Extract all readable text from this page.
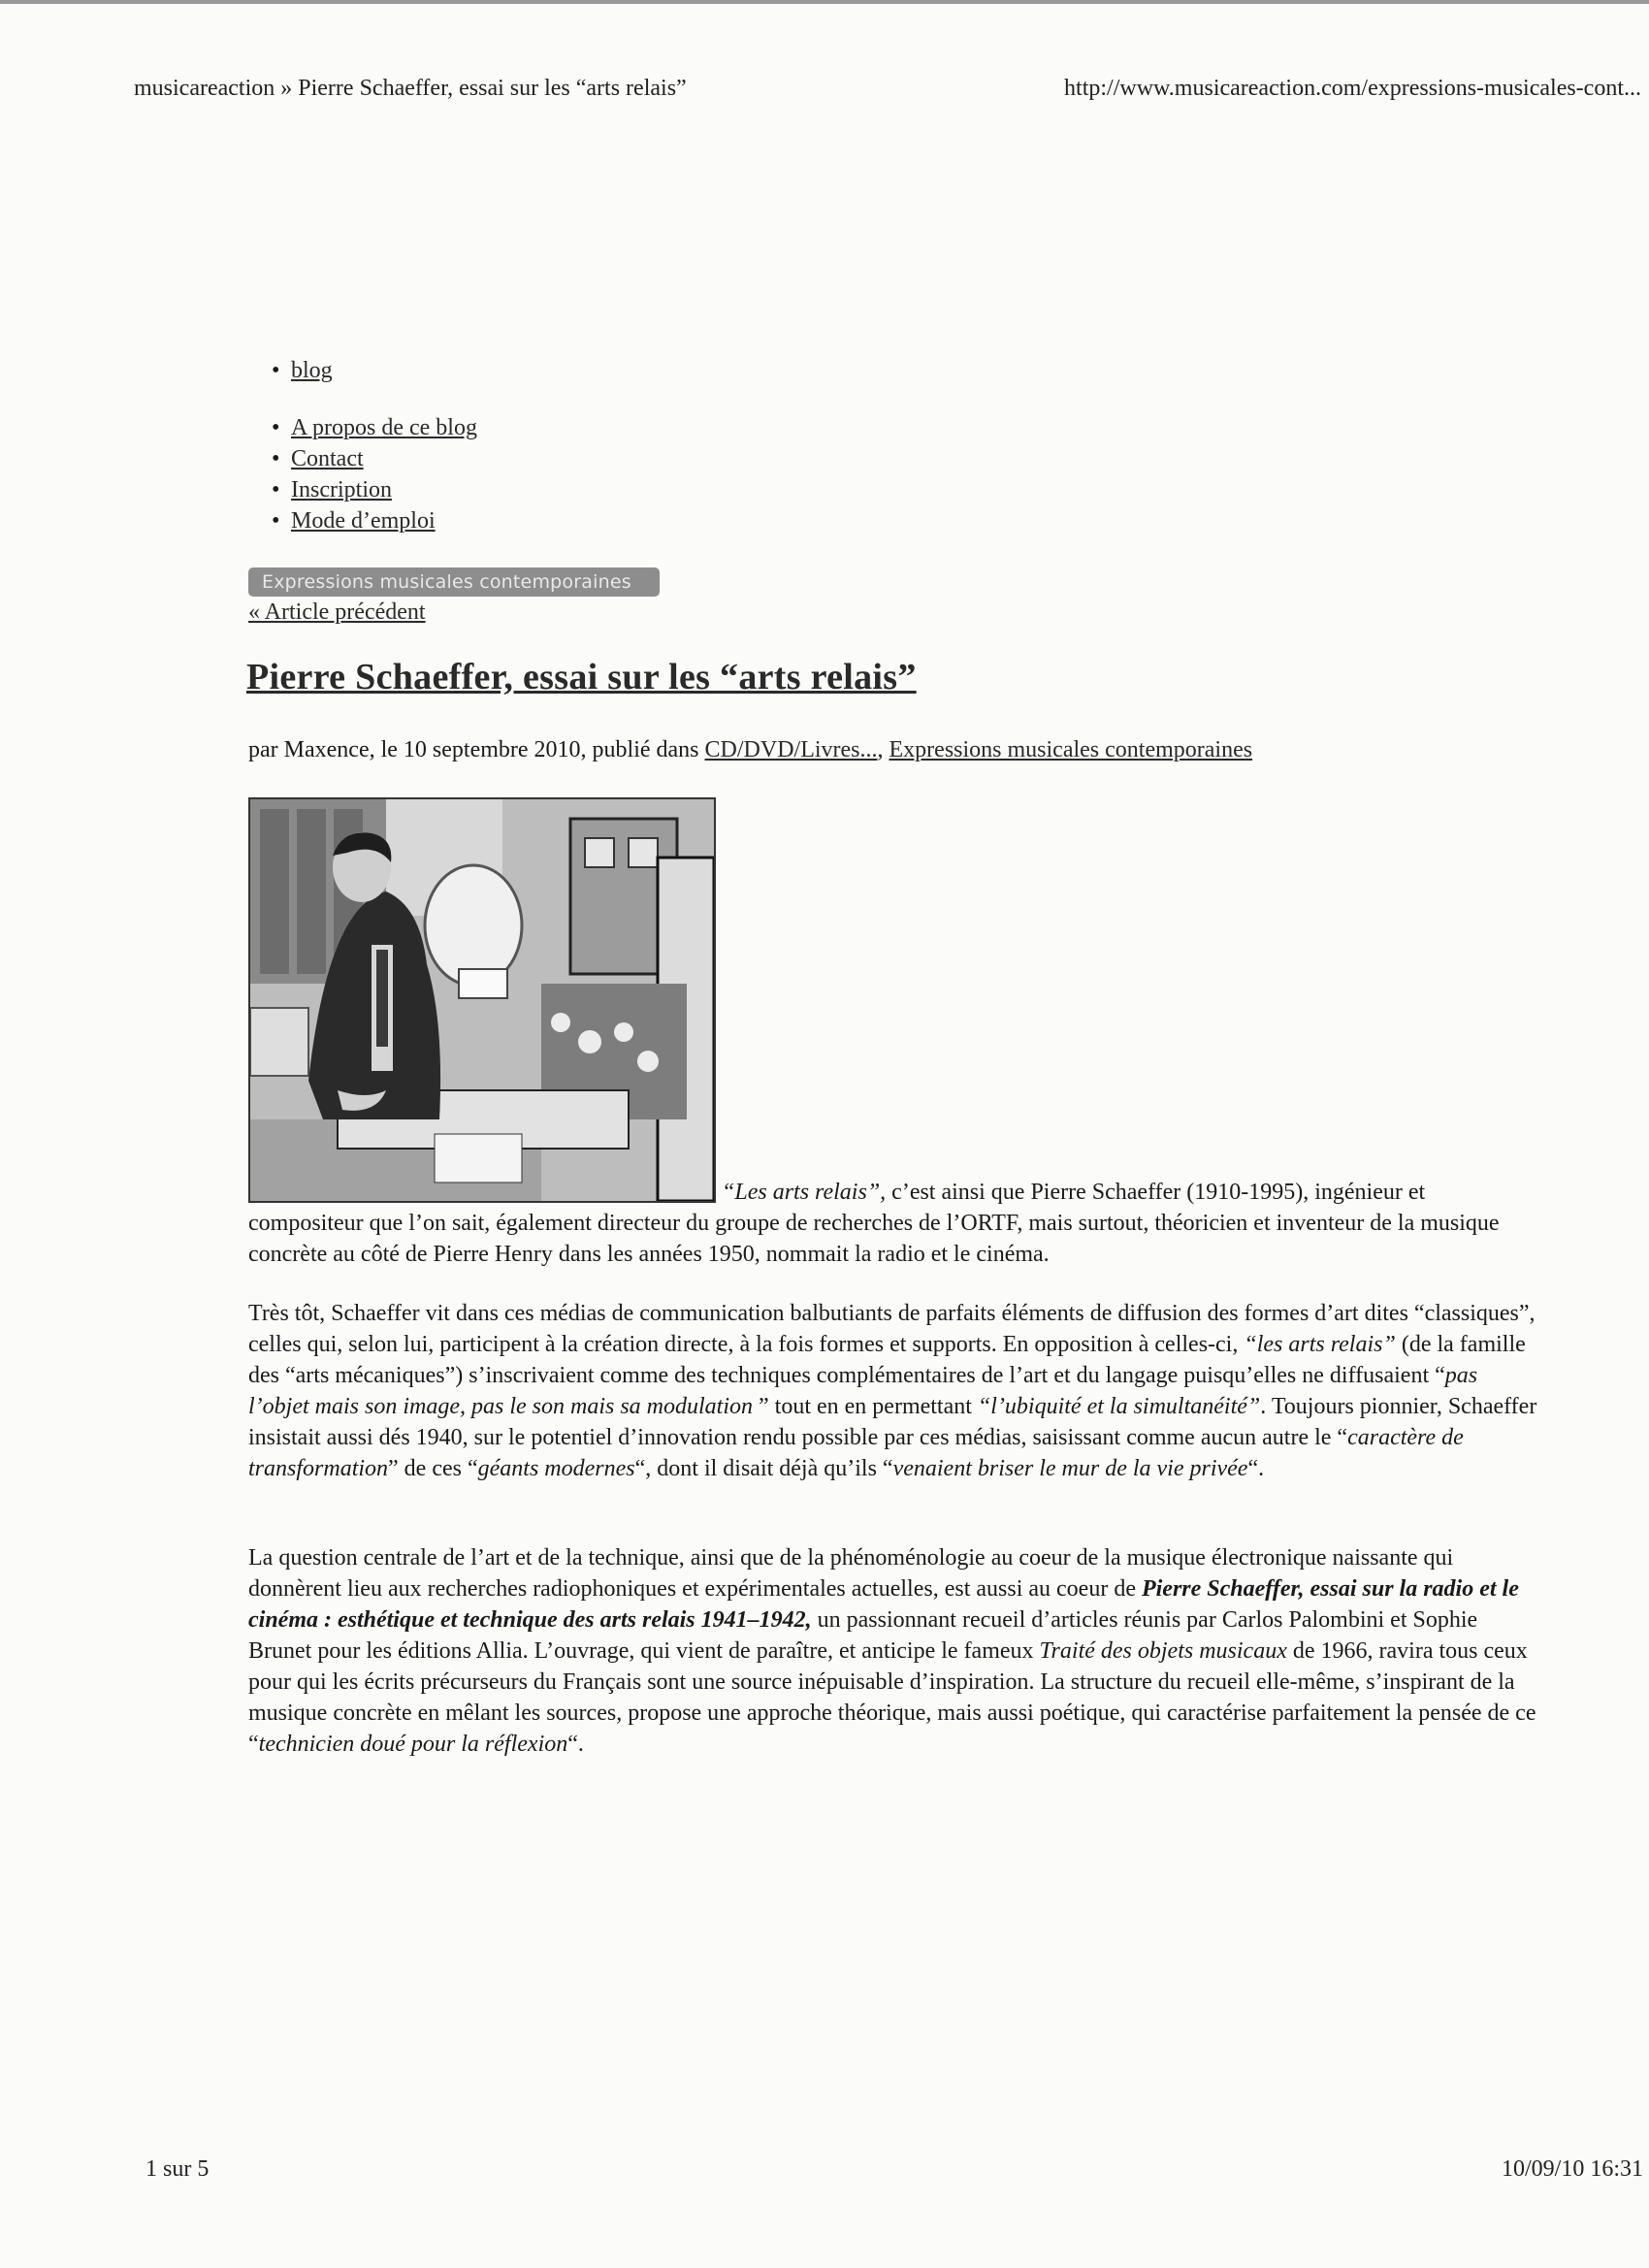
musicareaction » Pierre Schaeffer, essai sur les “arts relais”	http://www.musicareaction.com/expressions-musicales-cont...
• blog
• A propos de ce blog
• Contact
• Inscription
• Mode d’emploi
Expressions musicales contemporaines
« Article précédent
Pierre Schaeffer, essai sur les “arts relais”
par Maxence, le 10 septembre 2010, publié dans CD/DVD/Livres..., Expressions musicales contemporaines
“Les arts relais”, c’est ainsi que Pierre Schaeffer (1910-1995), ingénieur et

compositeur que l’on sait, également directeur du groupe de recherches de l’ORTF, mais surtout, théoricien et inventeur de la musique concrète au côté de Pierre Henry dans les années 1950, nommait la radio et le cinéma.

Très tôt, Schaeffer vit dans ces médias de communication balbutiants de parfaits éléments de diffusion des formes d’art dites “classiques”, celles qui, selon lui, participent à la création directe, à la fois formes et supports. En opposition à celles-ci, “les arts relais” (de la famille des “arts mécaniques”) s’inscrivaient comme des techniques complémentaires de l’art et du langage puisqu’elles ne diffusaient “pas l’objet mais son image, pas le son mais sa modulation ” tout en en permettant “l’ubiquité et la simultanéité”. Toujours pionnier, Schaeffer insistait aussi dés 1940, sur le potentiel d’innovation rendu possible par ces médias, saisissant comme aucun autre le “caractère de transformation” de ces “géants modernes“, dont il disait déjà qu’ils “venaient briser le mur de la vie privée“.

La question centrale de l’art et de la technique, ainsi que de la phénoménologie au coeur de la musique électronique naissante qui donnèrent lieu aux recherches radiophoniques et expérimentales actuelles, est aussi au coeur de Pierre Schaeffer, essai sur la radio et le cinéma : esthétique et technique des arts relais 1941–1942, un passionnant recueil d’articles réunis par Carlos Palombini et Sophie Brunet pour les éditions Allia. L’ouvrage, qui vient de paraître, et anticipe le fameux Traité des objets musicaux de 1966, ravira tous ceux pour qui les écrits précurseurs du Français sont une source inépuisable d’inspiration. La structure du recueil elle-même, s’inspirant de la musique concrète en mêlant les sources, propose une approche théorique, mais aussi poétique, qui caractérise parfaitement la pensée de ce “technicien doué pour la réflexion“.

1 sur 5	10/09/10 16:31
